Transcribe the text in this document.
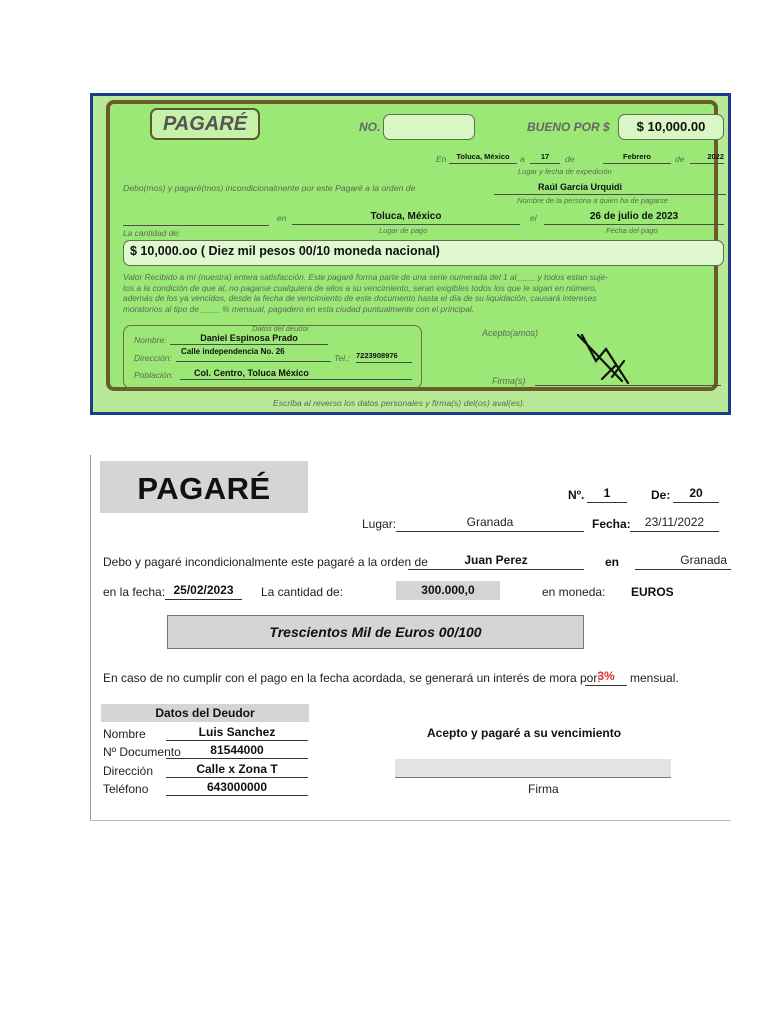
PAGARÉ	NO.	BUENO POR $	$ 10,000.00
En	Toluca, México	a	17	de	Febrero	de	2022
Lugar y fecha de expedición
Debo(mos) y pagaré(mos) incondicionalmente por este Pagaré a la orden de	Raúl García Urquidi
Nombre de la persona a quien ha de pagarse
en	Toluca, México	el	26 de julio de 2023
La cantidad de:	Lugar de pago	Fecha del pago
$ 10,000.oo ( Diez mil pesos 00/10 moneda nacional)
Valor Recibido a mí (nuestra) entera satisfacción. Este pagaré forma parte de una serie numerada del 1 al____ y todos estan suje-
tos a la condición de que al, no pagarse cualquiera de ellos a su vencimiento, seran exigibles todos los que le sigan en número,
además de los ya vencidos, desde la fecha de vencimiento de este documento hasta el día de su liquidación, causará intereses
moratorios al tipo de ____ % mensual, pagadero en esta ciudad puntualmente con el principal.
Datos del deudor
Nombre:	Daniel Espinosa Prado
Dirección:
Calle independencia No. 26
Tel.: 7223908976
Población:	Col. Centro, Toluca México
Acepto(amos)
Firma(s)
Escriba al reverso los datos personales y firma(s) del(os) aval(es).
PAGARÉ	Nº.	1	De:	20
Lugar:	Granada	Fecha:	23/11/2022
Debo y pagaré incondicionalmente este pagaré a la orden de	Juan Perez	en	Granada
en la fecha: 25/02/2023	La cantidad de:	300.000,0	en moneda: EUROS
Trescientos Mil de Euros 00/100
En caso de no cumplir con el pago en la fecha acordada, se generará un interés de mora por:
3%	mensual.
Datos del Deudor
Nombre	Luis Sanchez
Nº Documento	81544000
Dirección	Calle x Zona T
Teléfono	643000000
Acepto y pagaré a su vencimiento
Firma
